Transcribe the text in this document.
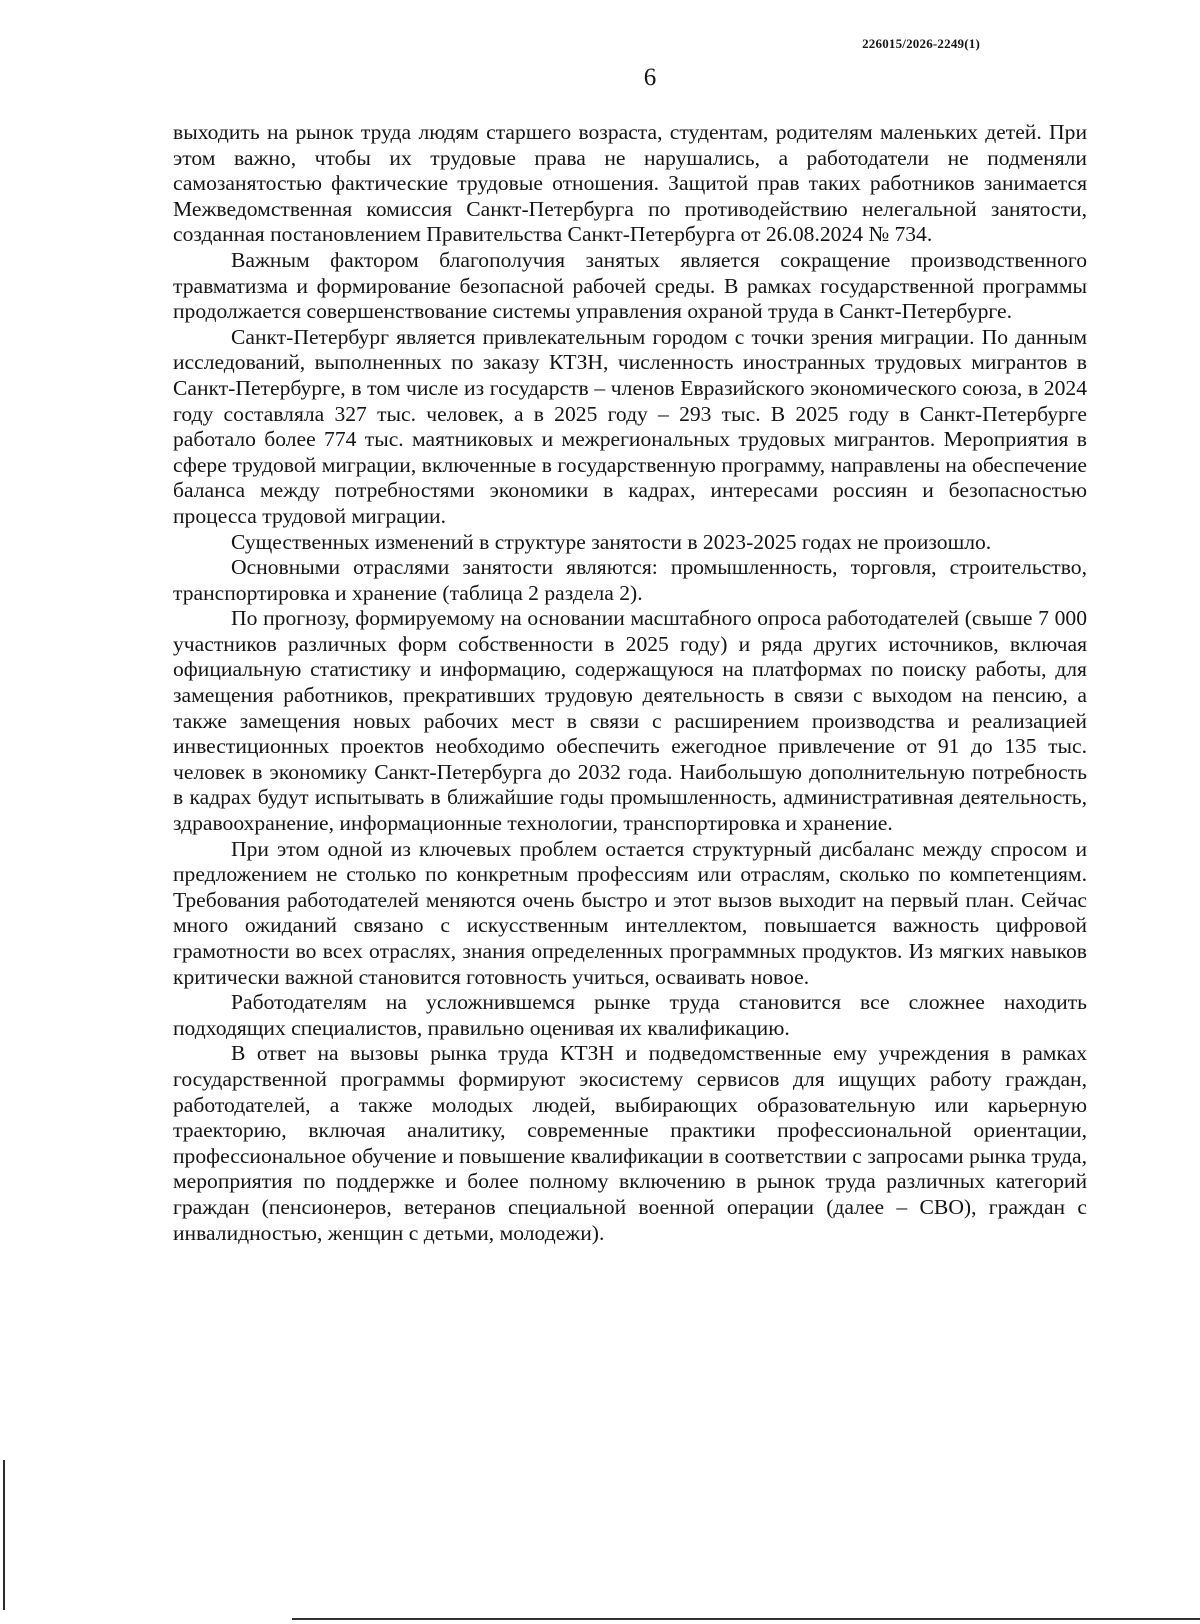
226015/2026-2249(1)
6

выходить на рынок труда людям старшего возраста, студентам, родителям маленьких детей. При этом важно, чтобы их трудовые права не нарушались, а работодатели не подменяли самозанятостью фактические трудовые отношения. Защитой прав таких работников занимается Межведомственная комиссия Санкт-Петербурга по противодействию нелегальной занятости, созданная постановлением Правительства Санкт-Петербурга от 26.08.2024 № 734.

Важным фактором благополучия занятых является сокращение производственного травматизма и формирование безопасной рабочей среды. В рамках государственной программы продолжается совершенствование системы управления охраной труда в Санкт-Петербурге.

Санкт-Петербург является привлекательным городом с точки зрения миграции. По данным исследований, выполненных по заказу КТЗН, численность иностранных трудовых мигрантов в Санкт-Петербурге, в том числе из государств – членов Евразийского экономического союза, в 2024 году составляла 327 тыс. человек, а в 2025 году – 293 тыс. В 2025 году в Санкт-Петербурге работало более 774 тыс. маятниковых и межрегиональных трудовых мигрантов. Мероприятия в сфере трудовой миграции, включенные в государственную программу, направлены на обеспечение баланса между потребностями экономики в кадрах, интересами россиян и безопасностью процесса трудовой миграции.

Существенных изменений в структуре занятости в 2023-2025 годах не произошло.

Основными отраслями занятости являются: промышленность, торговля, строительство, транспортировка и хранение (таблица 2 раздела 2).

По прогнозу, формируемому на основании масштабного опроса работодателей (свыше 7 000 участников различных форм собственности в 2025 году) и ряда других источников, включая официальную статистику и информацию, содержащуюся на платформах по поиску работы, для замещения работников, прекративших трудовую деятельность в связи с выходом на пенсию, а также замещения новых рабочих мест в связи с расширением производства и реализацией инвестиционных проектов необходимо обеспечить ежегодное привлечение от 91 до 135 тыс. человек в экономику Санкт-Петербурга до 2032 года. Наибольшую дополнительную потребность в кадрах будут испытывать в ближайшие годы промышленность, административная деятельность, здравоохранение, информационные технологии, транспортировка и хранение.

При этом одной из ключевых проблем остается структурный дисбаланс между спросом и предложением не столько по конкретным профессиям или отраслям, сколько по компетенциям. Требования работодателей меняются очень быстро и этот вызов выходит на первый план. Сейчас много ожиданий связано с искусственным интеллектом, повышается важность цифровой грамотности во всех отраслях, знания определенных программных продуктов. Из мягких навыков критически важной становится готовность учиться, осваивать новое.

Работодателям на усложнившемся рынке труда становится все сложнее находить подходящих специалистов, правильно оценивая их квалификацию.

В ответ на вызовы рынка труда КТЗН и подведомственные ему учреждения в рамках государственной программы формируют экосистему сервисов для ищущих работу граждан, работодателей, а также молодых людей, выбирающих образовательную или карьерную траекторию, включая аналитику, современные практики профессиональной ориентации, профессиональное обучение и повышение квалификации в соответствии с запросами рынка труда, мероприятия по поддержке и более полному включению в рынок труда различных категорий граждан (пенсионеров, ветеранов специальной военной операции (далее – СВО), граждан с инвалидностью, женщин с детьми, молодежи).
